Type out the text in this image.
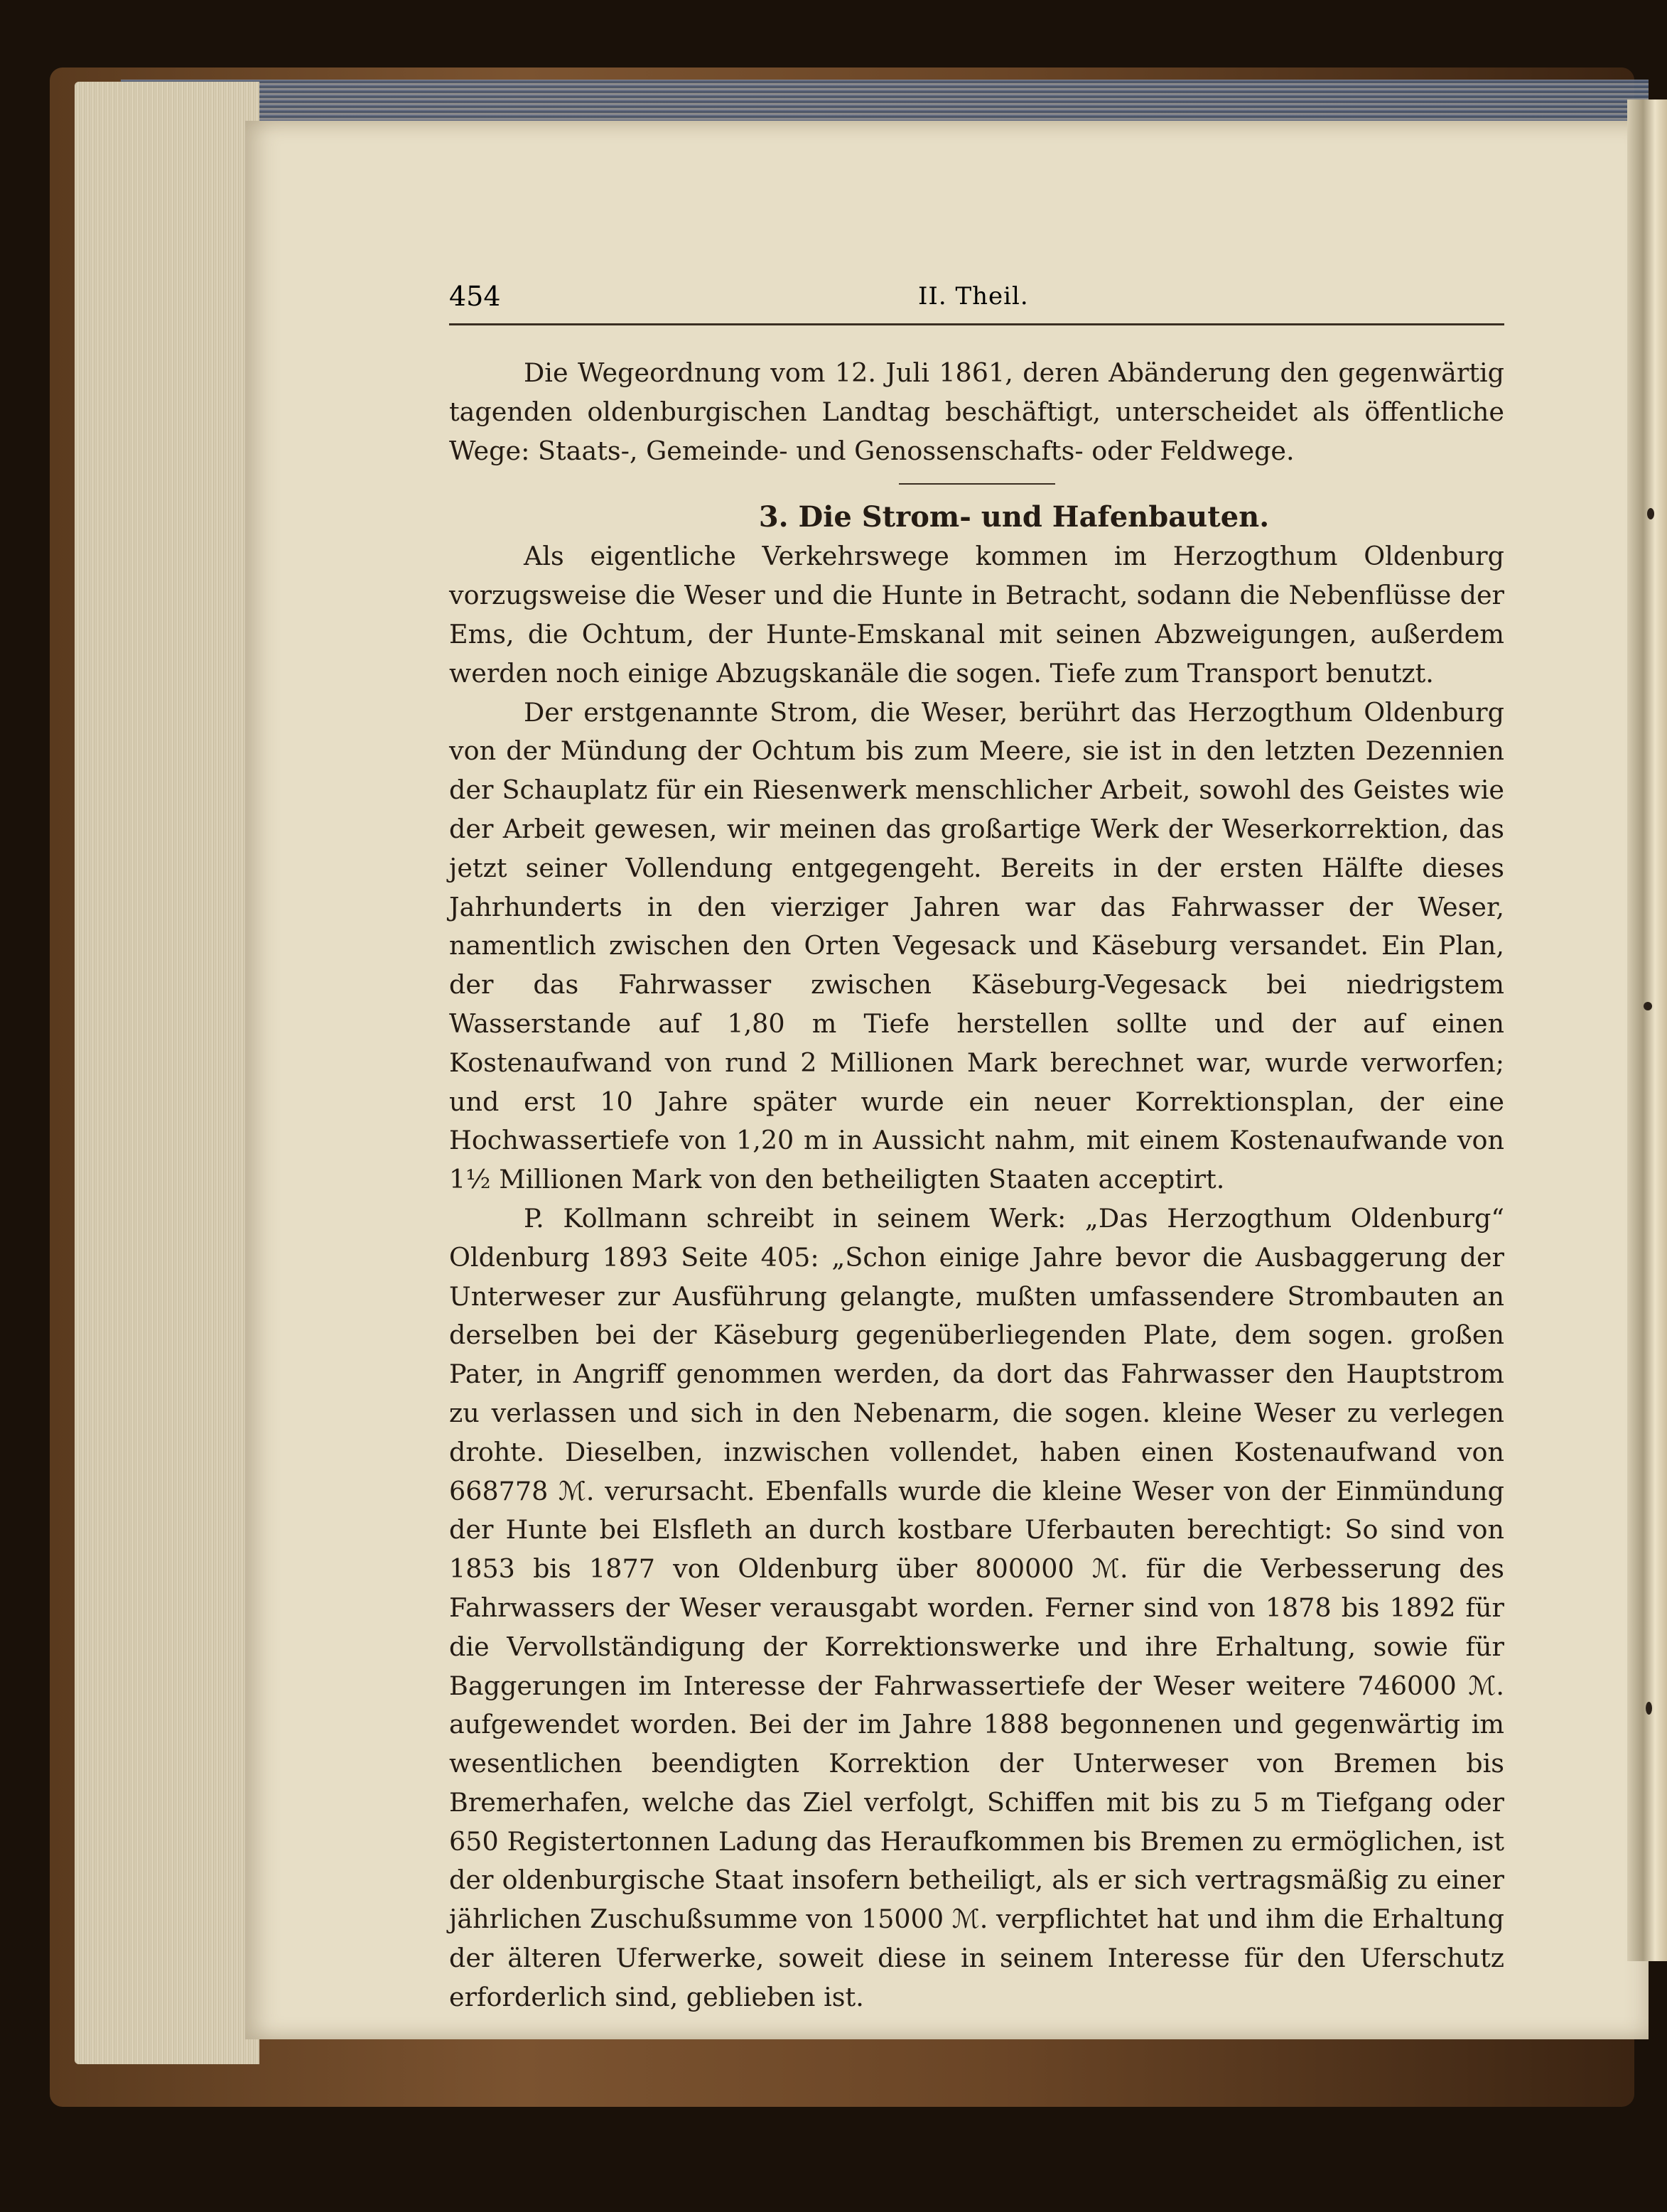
454	II. Theil.

Die Wegeordnung vom 12. Juli 1861, deren Abänderung den gegenwärtig tagenden oldenburgischen Landtag beschäftigt, unterscheidet als öffentliche Wege: Staats-, Gemeinde- und Genossenschafts- oder Feldwege.

3. Die Strom- und Hafenbauten.

Als eigentliche Verkehrswege kommen im Herzogthum Oldenburg vorzugsweise die Weser und die Hunte in Betracht, sodann die Nebenflüsse der Ems, die Ochtum, der Hunte-Emskanal mit seinen Abzweigungen, außerdem werden noch einige Abzugskanäle die sogen. Tiefe zum Transport benutzt.

Der erstgenannte Strom, die Weser, berührt das Herzogthum Oldenburg von der Mündung der Ochtum bis zum Meere, sie ist in den letzten Dezennien der Schauplatz für ein Riesenwerk menschlicher Arbeit, sowohl des Geistes wie der Arbeit gewesen, wir meinen das großartige Werk der Weserkorrektion, das jetzt seiner Vollendung entgegengeht. Bereits in der ersten Hälfte dieses Jahrhunderts in den vierziger Jahren war das Fahrwasser der Weser, namentlich zwischen den Orten Vegesack und Käseburg versandet. Ein Plan, der das Fahrwasser zwischen Käseburg-Vegesack bei niedrigstem Wasserstande auf 1,80 m Tiefe herstellen sollte und der auf einen Kostenaufwand von rund 2 Millionen Mark berechnet war, wurde verworfen; und erst 10 Jahre später wurde ein neuer Korrektionsplan, der eine Hochwassertiefe von 1,20 m in Aussicht nahm, mit einem Kostenaufwande von 1½ Millionen Mark von den betheiligten Staaten acceptirt.

P. Kollmann schreibt in seinem Werk: „Das Herzogthum Oldenburg“ Oldenburg 1893 Seite 405: „Schon einige Jahre bevor die Ausbaggerung der Unterweser zur Ausführung gelangte, mußten umfassendere Strombauten an derselben bei der Käseburg gegenüberliegenden Plate, dem sogen. großen Pater, in Angriff genommen werden, da dort das Fahrwasser den Hauptstrom zu verlassen und sich in den Nebenarm, die sogen. kleine Weser zu verlegen drohte. Dieselben, inzwischen vollendet, haben einen Kostenaufwand von 668778 ℳ. verursacht. Ebenfalls wurde die kleine Weser von der Einmündung der Hunte bei Elsfleth an durch kostbare Uferbauten berechtigt: So sind von 1853 bis 1877 von Oldenburg über 800000 ℳ. für die Verbesserung des Fahrwassers der Weser verausgabt worden. Ferner sind von 1878 bis 1892 für die Vervollständigung der Korrektionswerke und ihre Erhaltung, sowie für Baggerungen im Interesse der Fahrwassertiefe der Weser weitere 746000 ℳ. aufgewendet worden. Bei der im Jahre 1888 begonnenen und gegenwärtig im wesentlichen beendigten Korrektion der Unterweser von Bremen bis Bremerhafen, welche das Ziel verfolgt, Schiffen mit bis zu 5 m Tiefgang oder 650 Registertonnen Ladung das Heraufkommen bis Bremen zu ermöglichen, ist der oldenburgische Staat insofern betheiligt, als er sich vertragsmäßig zu einer jährlichen Zuschußsumme von 15000 ℳ. verpflichtet hat und ihm die Erhaltung der älteren Uferwerke, soweit diese in seinem Interesse für den Uferschutz erforderlich sind, geblieben ist.
